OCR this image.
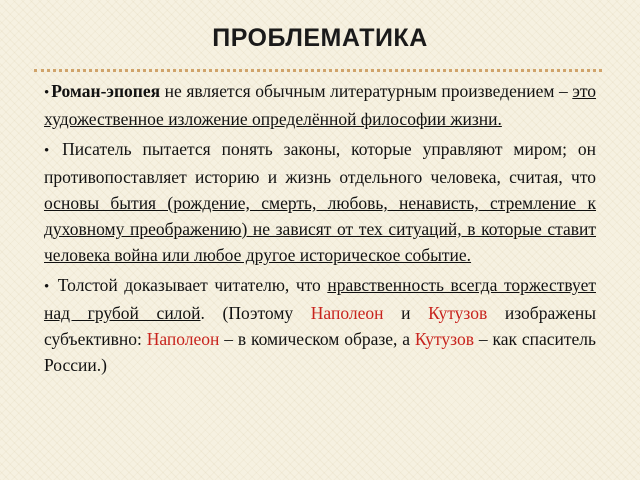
ПРОБЛЕМАТИКА

• Роман-эпопея не является обычным литературным произведением – это художественное изложение определённой философии жизни.

• Писатель пытается понять законы, которые управляют миром; он противопоставляет историю и жизнь отдельного человека, считая, что основы бытия (рождение, смерть, любовь, ненависть, стремление к духовному преображению) не зависят от тех ситуаций, в которые ставит человека война или любое другое историческое событие.

• Толстой доказывает читателю, что нравственность всегда торжествует над грубой силой. (Поэтому Наполеон и Кутузов изображены субъективно: Наполеон – в комическом образе, а Кутузов – как спаситель России.)
